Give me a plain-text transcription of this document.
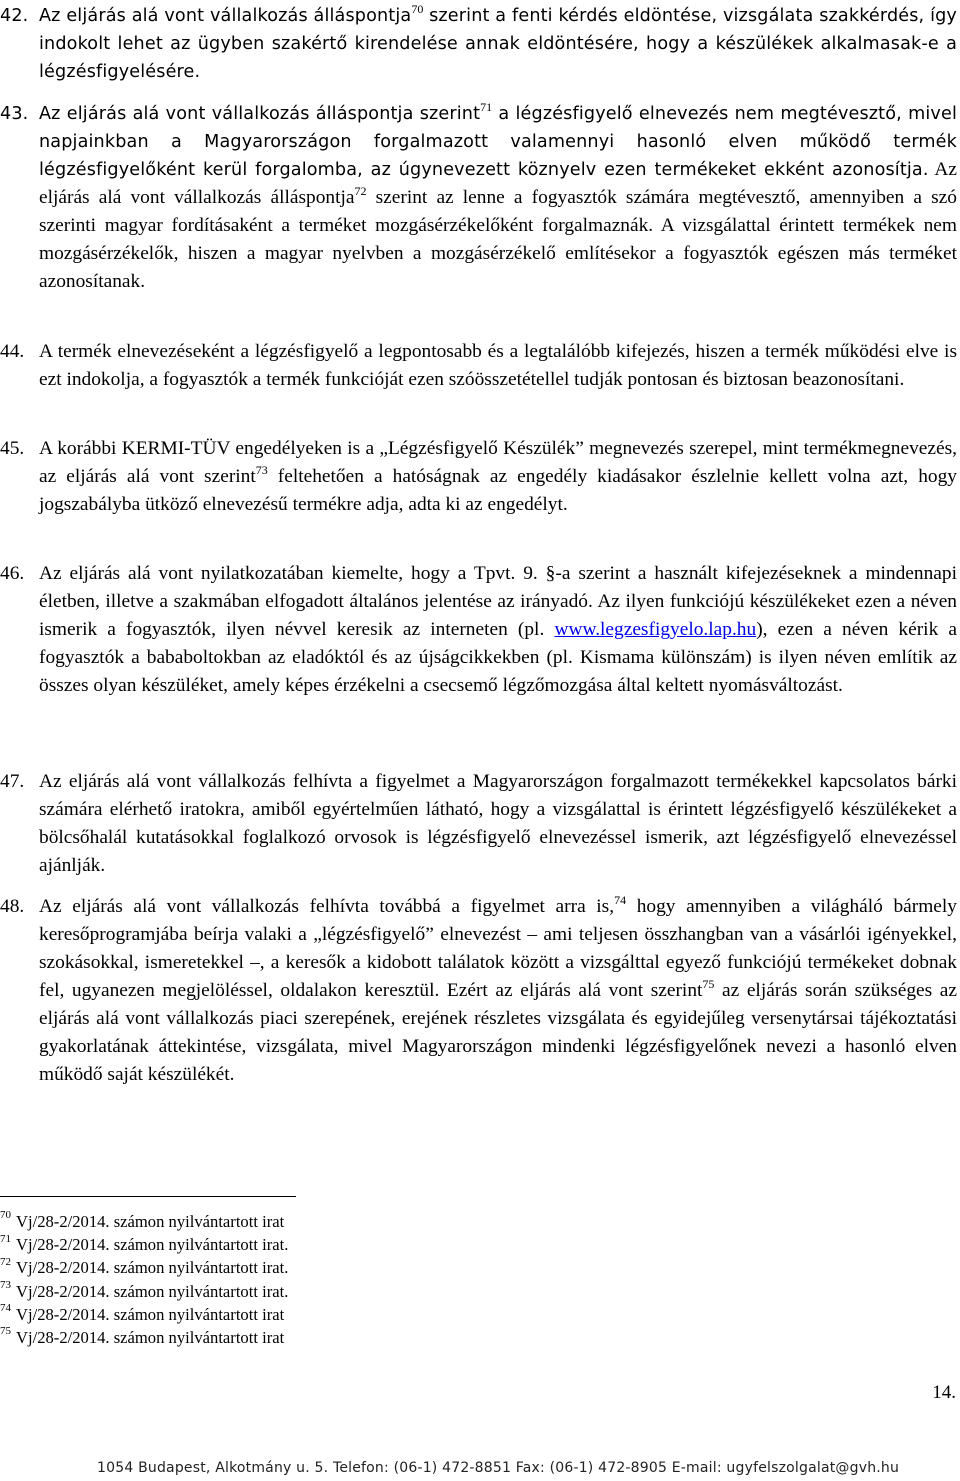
42. Az eljárás alá vont vállalkozás álláspontja$^{70}$ szerint a fenti kérdés eldöntése, vizsgálata szakkérdés, így indokolt lehet az ügyben szakértő kirendelése annak eldöntésére, hogy a készülékek alkalmasak-e a légzésfigyelésére.
43. Az eljárás alá vont vállalkozás álláspontja szerint$^{71}$ a légzésfigyelő elnevezés nem megtévesztő, mivel napjainkban a Magyarországon forgalmazott valamennyi hasonló elven működő termék légzésfigyelőként kerül forgalomba, az úgynevezett köznyelv ezen termékeket ekként azonosítja. Az eljárás alá vont vállalkozás álláspontja$^{72}$ szerint az lenne a fogyasztók számára megtévesztő, amennyiben a szó szerinti magyar fordításaként a terméket mozgásérzékelőként forgalmaznák. A vizsgálattal érintett termékek nem mozgásérzékelők, hiszen a magyar nyelvben a mozgásérzékelő említésekor a fogyasztók egészen más terméket azonosítanak.
44. A termék elnevezéseként a légzésfigyelő a legpontosabb és a legtalálóbb kifejezés, hiszen a termék működési elve is ezt indokolja, a fogyasztók a termék funkcióját ezen szóösszetétellel tudják pontosan és biztosan beazonosítani.
45. A korábbi KERMI-TÜV engedélyeken is a „Légzésfigyelő Készülék” megnevezés szerepel, mint termékmegnevezés, az eljárás alá vont szerint$^{73}$ feltehetően a hatóságnak az engedély kiadásakor észlelnie kellett volna azt, hogy jogszabályba ütköző elnevezésű termékre adja, adta ki az engedélyt.
46. Az eljárás alá vont nyilatkozatában kiemelte, hogy a Tpvt. 9. §-a szerint a használt kifejezéseknek a mindennapi életben, illetve a szakmában elfogadott általános jelentése az irányadó. Az ilyen funkciójú készülékeket ezen a néven ismerik a fogyasztók, ilyen névvel keresik az interneten (pl. www.legzesfigyelo.lap.hu), ezen a néven kérik a fogyasztók a bababoltokban az eladóktól és az újságcikkekben (pl. Kismama különszám) is ilyen néven említik az összes olyan készüléket, amely képes érzékelni a csecsemő légzőmozgása által keltett nyomásváltozást.
47. Az eljárás alá vont vállalkozás felhívta a figyelmet a Magyarországon forgalmazott termékekkel kapcsolatos bárki számára elérhető iratokra, amiből egyértelműen látható, hogy a vizsgálattal is érintett légzésfigyelő készülékeket a bölcsőhalál kutatásokkal foglalkozó orvosok is légzésfigyelő elnevezéssel ismerik, azt légzésfigyelő elnevezéssel ajánlják.
48. Az eljárás alá vont vállalkozás felhívta továbbá a figyelmet arra is,$^{74}$ hogy amennyiben a világháló bármely keresőprogramjába beírja valaki a „légzésfigyelő” elnevezést – ami teljesen összhangban van a vásárlói igényekkel, szokásokkal, ismeretekkel –, a keresők a kidobott találatok között a vizsgálttal egyező funkciójú termékeket dobnak fel, ugyanezen megjelöléssel, oldalakon keresztül. Ezért az eljárás alá vont szerint$^{75}$ az eljárás során szükséges az eljárás alá vont vállalkozás piaci szerepének, erejének részletes vizsgálata és egyidejűleg versenytársai tájékoztatási gyakorlatának áttekintése, vizsgálata, mivel Magyarországon mindenki légzésfigyelőnek nevezi a hasonló elven működő saját készülékét.
$^{70}$ Vj/28-2/2014. számon nyilvántartott irat
$^{71}$ Vj/28-2/2014. számon nyilvántartott irat.
$^{72}$ Vj/28-2/2014. számon nyilvántartott irat.
$^{73}$ Vj/28-2/2014. számon nyilvántartott irat.
$^{74}$ Vj/28-2/2014. számon nyilvántartott irat
$^{75}$ Vj/28-2/2014. számon nyilvántartott irat
14.
1054 Budapest, Alkotmány u. 5. Telefon: (06-1) 472-8851 Fax: (06-1) 472-8905 E-mail: ugyfelszolgalat@gvh.hu
